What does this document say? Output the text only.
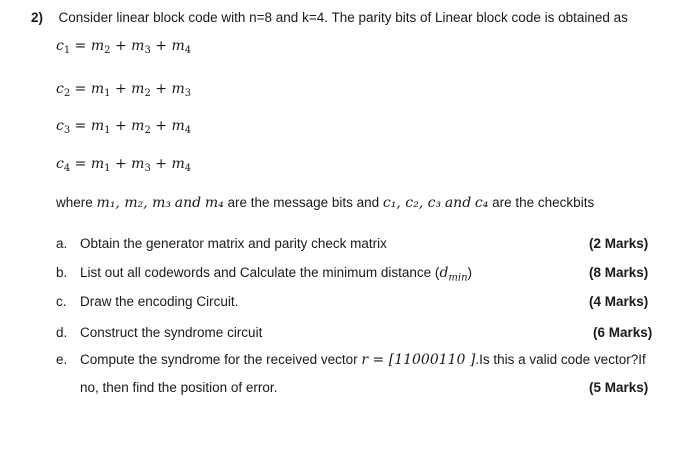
2) Consider linear block code with n=8 and k=4. The parity bits of Linear block code is obtained as
$c_1 = m_2 + m_3 + m_4$
$c_2 = m_1 + m_2 + m_3$
$c_3 = m_1 + m_2 + m_4$
$c_4 = m_1 + m_3 + m_4$
where m₁, m₂, m₃ and m₄ are the message bits and c₁, c₂, c₃ and c₄ are the checkbits
a. Obtain the generator matrix and parity check matrix	(2 Marks)
b. List out all codewords and Calculate the minimum distance $(d_{min})$	(8 Marks)
c. Draw the encoding Circuit.	(4 Marks)
d. Construct the syndrome circuit	(6 Marks)
e. Compute the syndrome for the received vector r = [11000110 ].Is this a valid code vector?If
no, then find the position of error.	(5 Marks)
